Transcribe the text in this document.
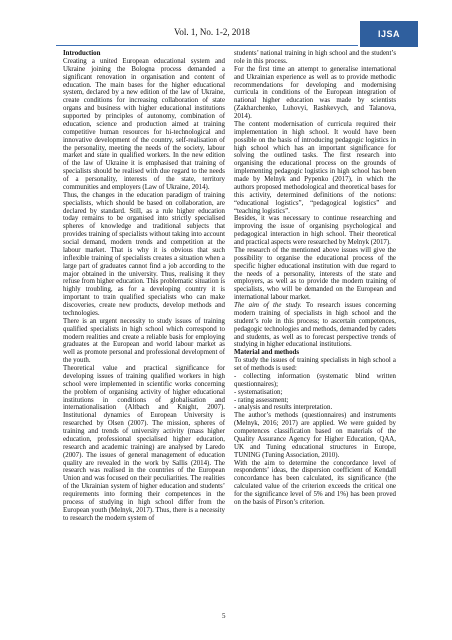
Vol. 1, No. 1-2, 2018	IJSA

Introduction

Creating a united European educational system and Ukraine joining the Bologna process demanded a significant renovation in organisation and content of education. The main bases for the higher educational system, declared by a new edition of the law of Ukraine, create conditions for increasing collaboration of state organs and business with higher educational institutions supported by principles of autonomy, combination of education, science and production aimed at training competitive human resources for hi-technological and innovative development of the country, self-realisation of the personality, meeting the needs of the society, labour market and state in qualified workers. In the new edition of the law of Ukraine it is emphasised that training of specialists should be realised with due regard to the needs of a personality, interests of the state, territory communities and employers (Law of Ukraine, 2014).

Thus, the changes in the education paradigm of training specialists, which should be based on collaboration, are declared by standard. Still, as a rule higher education today remains to be organised into strictly specialised spheres of knowledge and traditional subjects that provides training of specialists without taking into account social demand, modern trends and competition at the labour market. That is why it is obvious that such inflexible training of specialists creates a situation when a large part of graduates cannot find a job according to the major obtained in the university. Thus, realising it they refuse from higher education. This problematic situation is highly troubling, as for a developing country it is important to train qualified specialists who can make discoveries, create new products, develop methods and technologies.

There is an urgent necessity to study issues of training qualified specialists in high school which correspond to modern realities and create a reliable basis for employing graduates at the European and world labour market as well as promote personal and professional development of the youth.

Theoretical value and practical significance for developing issues of training qualified workers in high school were implemented in scientific works concerning the problem of organising activity of higher educational institutions in conditions of globalisation and internationalisation (Altbach and Knight, 2007). Institutional dynamics of European University is researched by Olsen (2007). The mission, spheres of training and trends of university activity (mass higher education, professional specialised higher education, research and academic training) are analysed by Laredo (2007). The issues of general management of education quality are revealed in the work by Sallis (2014). The research was realised in the countries of the European Union and was focused on their peculiarities. The realities of the Ukrainian system of higher education and students’ requirements into forming their competences in the process of studying in high school differ from the European youth (Melnyk, 2017). Thus, there is a necessity to research the modern system of

students’ national training in high school and the student’s role in this process.

For the first time an attempt to generalise international and Ukrainian experience as well as to provide methodic recommendations for developing and modernising curricula in conditions of the European integration of national higher education was made by scientists (Zakharchenko, Luhovyi, Rashkevych, and Talanova, 2014).

The content modernisation of curricula required their implementation in high school. It would have been possible on the basis of introducing pedagogic logistics in high school which has an important significance for solving the outlined tasks. The first research into organising the educational process on the grounds of implementing pedagogic logistics in high school has been made by Melnyk and Pypenko (2017), in which the authors proposed methodological and theoretical bases for this activity, determined definitions of the notions: “educational logistics”, “pedagogical logistics” and “teaching logistics”.

Besides, it was necessary to continue researching and improving the issue of organising psychological and pedagogical interaction in high school. Their theoretical and practical aspects were researched by Melnyk (2017).

The research of the mentioned above issues will give the possibility to organise the educational process of the specific higher educational institution with due regard to the needs of a personality, interests of the state and employers, as well as to provide the modern training of specialists, who will be demanded on the European and international labour market.

The aim of the study. To research issues concerning modern training of specialists in high school and the student’s role in this process; to ascertain competences, pedagogic technologies and methods, demanded by cadets and students, as well as to forecast perspective trends of studying in higher educational institutions.

Material and methods

To study the issues of training specialists in high school a set of methods is used:

- collecting information (systematic blind written questionnaires);

- systematisation;

- rating assessment;

- analysis and results interpretation.

The author’s methods (questionnaires) and instruments (Melnyk, 2016; 2017) are applied. We were guided by competences classification based on materials of the Quality Assurance Agency for Higher Education, QAA, UK and Tuning educational structures in Europe, TUNING (Tuning Association, 2010).

With the aim to determine the concordance level of respondents’ ideas, the dispersion coefficient of Kendall concordance has been calculated, its significance (the calculated value of the criterion exceeds the critical one for the significance level of 5% and 1%) has been proved on the basis of Pirson’s criterion.

5
